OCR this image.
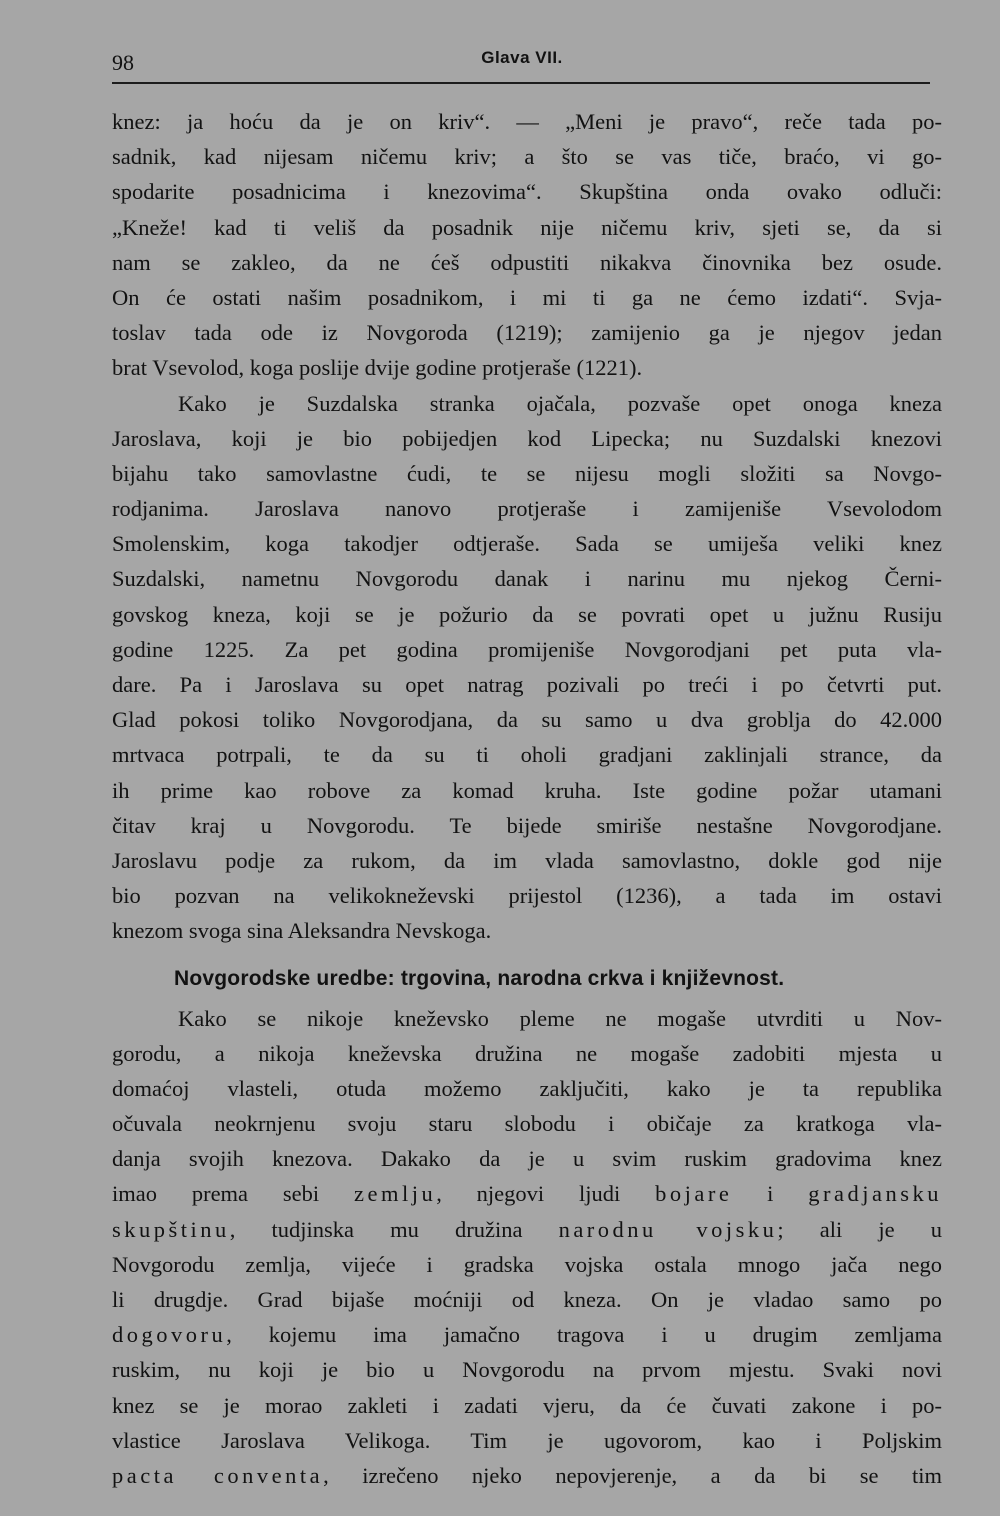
98	Glava VII.
knez: ja hoću da je on kriv“. — „Meni je pravo“, reče tada po-
sadnik, kad nijesam ničemu kriv; a što se vas tiče, braćo, vi go-
spodarite posadnicima i knezovima“. Skupština onda ovako odluči:
„Kneže! kad ti veliš da posadnik nije ničemu kriv, sjeti se, da si
nam se zakleo, da ne ćeš odpustiti nikakva činovnika bez osude.
On će ostati našim posadnikom, i mi ti ga ne ćemo izdati“. Svja-
toslav tada ode iz Novgoroda (1219); zamijenio ga je njegov jedan
brat Vsevolod, koga poslije dvije godine protjeraše (1221).
Kako je Suzdalska stranka ojačala, pozvaše opet onoga kneza
Jaroslava, koji je bio pobijedjen kod Lipecka; nu Suzdalski knezovi
bijahu tako samovlastne ćudi, te se nijesu mogli složiti sa Novgo-
rodjanima. Jaroslava nanovo protjeraše i zamijeniše Vsevolodom
Smolenskim, koga takodjer odtjeraše. Sada se umiješa veliki knez
Suzdalski, nametnu Novgorodu danak i narinu mu njekog Černi-
govskog kneza, koji se je požurio da se povrati opet u južnu Rusiju
godine 1225. Za pet godina promijeniše Novgorodjani pet puta vla-
dare. Pa i Jaroslava su opet natrag pozivali po treći i po četvrti put.
Glad pokosi toliko Novgorodjana, da su samo u dva groblja do 42.000
mrtvaca potrpali, te da su ti oholi gradjani zaklinjali strance, da
ih prime kao robove za komad kruha. Iste godine požar utamani
čitav kraj u Novgorodu. Te bijede smiriše nestašne Novgorodjane.
Jaroslavu podje za rukom, da im vlada samovlastno, dokle god nije
bio pozvan na velikokneževski prijestol (1236), a tada im ostavi
knezom svoga sina Aleksandra Nevskoga.
Novgorodske uredbe: trgovina, narodna crkva i književnost.
Kako se nikoje kneževsko pleme ne mogaše utvrditi u Nov-
gorodu, a nikoja kneževska družina ne mogaše zadobiti mjesta u
domaćoj vlasteli, otuda možemo zaključiti, kako je ta republika
očuvala neokrnjenu svoju staru slobodu i običaje za kratkoga vla-
danja svojih knezova. Dakako da je u svim ruskim gradovima knez
imao prema sebi zemlju, njegovi ljudi bojare i gradjansku
skupštinu, tudjinska mu družina narodnu vojsku; ali je u
Novgorodu zemlja, vijeće i gradska vojska ostala mnogo jača nego
li drugdje. Grad bijaše moćniji od kneza. On je vladao samo po
dogovoru, kojemu ima jamačno tragova i u drugim zemljama
ruskim, nu koji je bio u Novgorodu na prvom mjestu. Svaki novi
knez se je morao zakleti i zadati vjeru, da će čuvati zakone i po-
vlastice Jaroslava Velikoga. Tim je ugovorom, kao i Poljskim
pacta conventa, izrečeno njeko nepovjerenje, a da bi se tim
